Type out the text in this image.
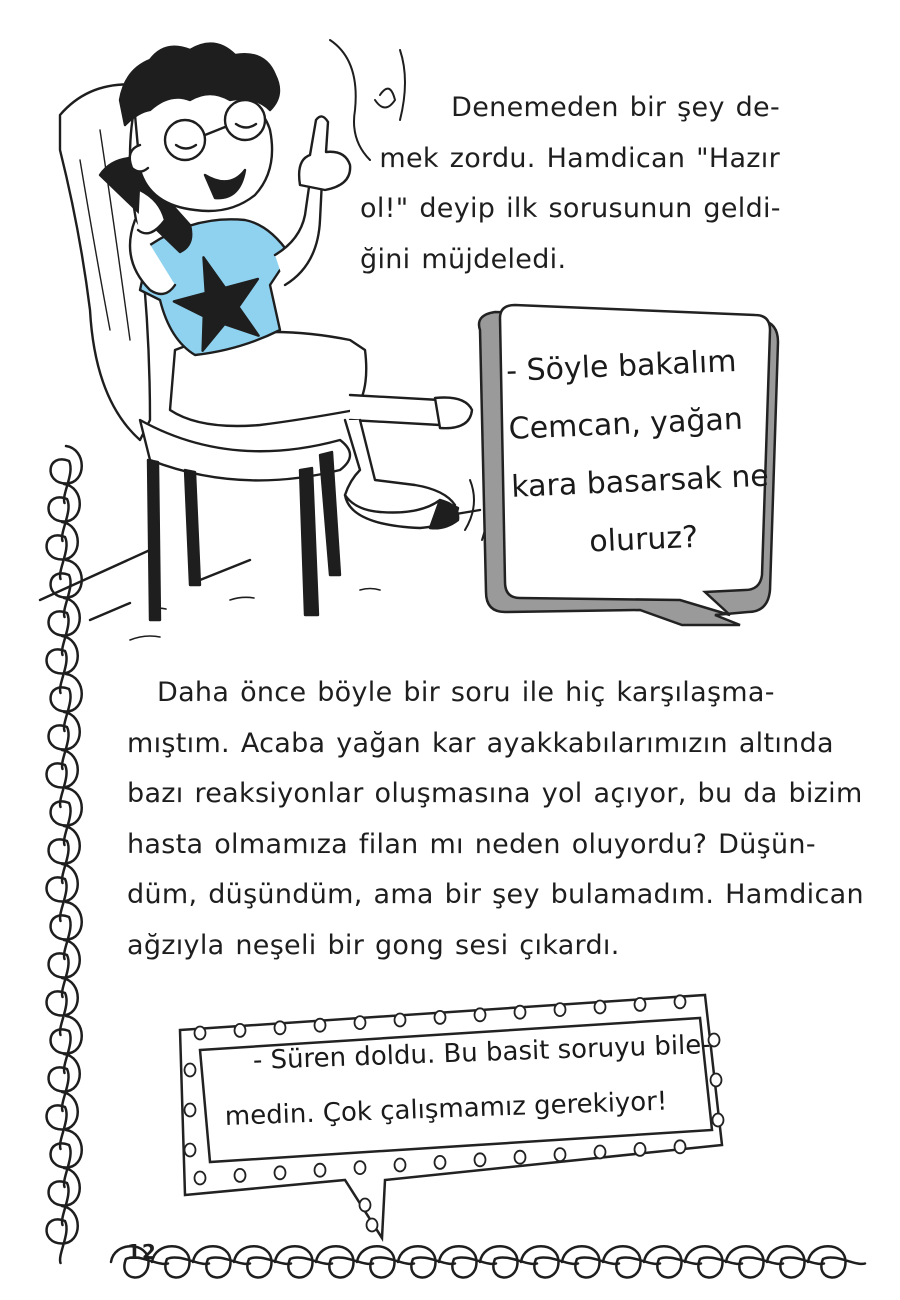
Denemeden bir şey de-
mek zordu. Hamdican "Hazır
ol!" deyip ilk sorusunun geldi-
ğini müjdeledi.
- Söyle bakalım
Cemcan, yağan
kara basarsak ne
oluruz?
Daha önce böyle bir soru ile hiç karşılaşma-
mıştım. Acaba yağan kar ayakkabılarımızın altında
bazı reaksiyonlar oluşmasına yol açıyor, bu da bizim
hasta olmamıza filan mı neden oluyordu? Düşün-
düm, düşündüm, ama bir şey bulamadım. Hamdican
ağzıyla neşeli bir gong sesi çıkardı.
- Süren doldu. Bu basit soruyu bile-
medin. Çok çalışmamız gerekiyor!
12
